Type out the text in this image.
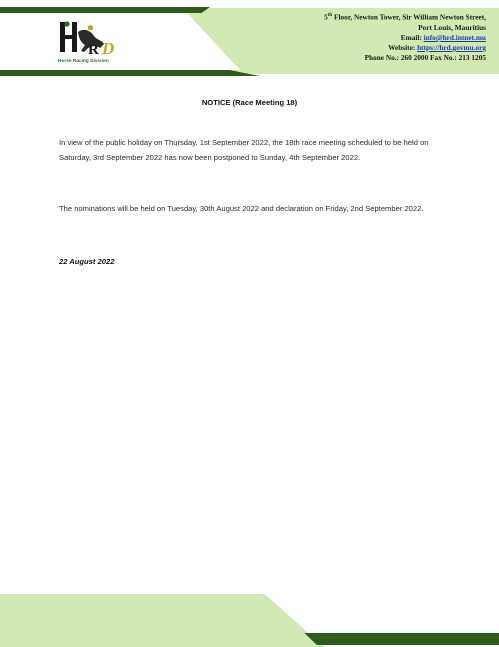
R D
Horse Racing Division
5th Floor, Newton Tower, Sir William Newton Street,
Port Louis, Mauritius
Email: info@hrd.intnet.mu
Website: https://hrd.govmu.org
Phone No.: 260 2000 Fax No.: 213 1205
NOTICE (Race Meeting 18)
In view of the public holiday on Thursday, 1st September 2022, the 18th race meeting scheduled to be held on Saturday, 3rd September 2022 has now been postponed to Sunday, 4th September 2022.
The nominations will be held on Tuesday, 30th August 2022 and declaration on Friday, 2nd September 2022.
22 August 2022
